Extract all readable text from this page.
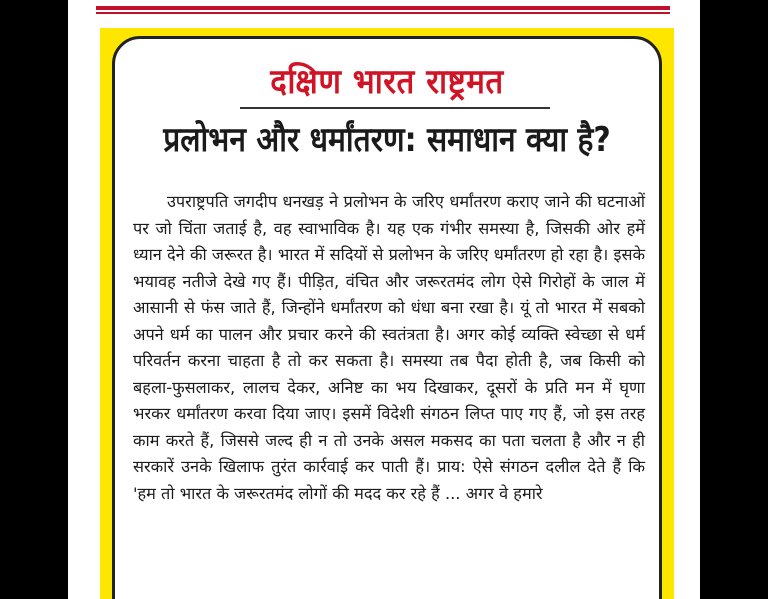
दक्षिण भारत राष्ट्रमत
प्रलोभन और धर्मांतरण: समाधान क्या है?
उपराष्ट्रपति जगदीप धनखड़ ने प्रलोभन के जरिए धर्मांतरण कराए जाने की घटनाओं पर जो चिंता जताई है, वह स्वाभाविक है। यह एक गंभीर समस्या है, जिसकी ओर हमें ध्यान देने की जरूरत है। भारत में सदियों से प्रलोभन के जरिए धर्मांतरण हो रहा है। इसके भयावह नतीजे देखे गए हैं। पीड़ित, वंचित और जरूरतमंद लोग ऐसे गिरोहों के जाल में आसानी से फंस जाते हैं, जिन्होंने धर्मांतरण को धंधा बना रखा है। यूं तो भारत में सबको अपने धर्म का पालन और प्रचार करने की स्वतंत्रता है। अगर कोई व्यक्ति स्वेच्छा से धर्म परिवर्तन करना चाहता है तो कर सकता है। समस्या तब पैदा होती है, जब किसी को बहला-फुसलाकर, लालच देकर, अनिष्ट का भय दिखाकर, दूसरों के प्रति मन में घृणा भरकर धर्मांतरण करवा दिया जाए। इसमें विदेशी संगठन लिप्त पाए गए हैं, जो इस तरह काम करते हैं, जिससे जल्द ही न तो उनके असल मकसद का पता चलता है और न ही सरकारें उनके खिलाफ तुरंत कार्रवाई कर पाती हैं। प्राय: ऐसे संगठन दलील देते हैं कि 'हम तो भारत के जरूरतमंद लोगों की मदद कर रहे हैं ... अगर वे हमारे
